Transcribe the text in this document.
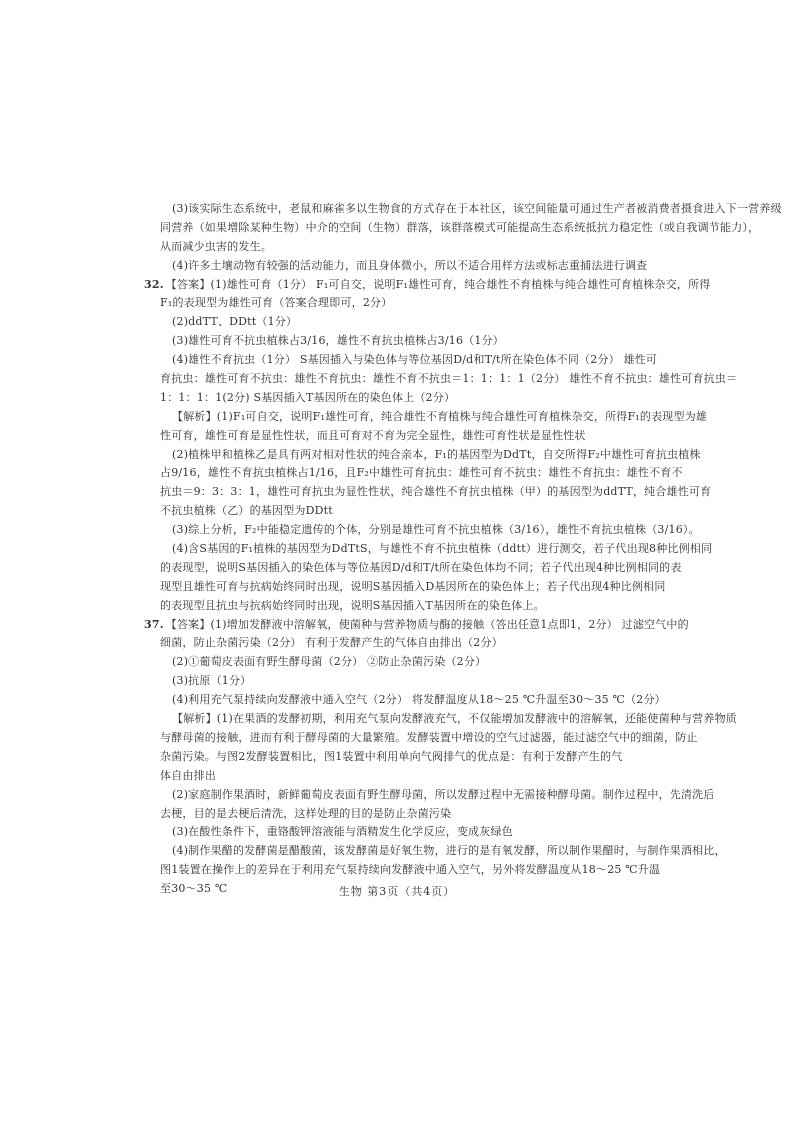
(3)该实际生态系统中，老鼠和麻雀多以生物食的方式存在于本社区，该空间能量可通过生产者被消费者摄食进入下一营养级
同营养（如果增除某种生物）中介的空间（生物）群落，该群落模式可能提高生态系统抵抗力稳定性（或自我调节能力），
从而减少虫害的发生。
(4)许多土壤动物有较强的活动能力，而且身体微小，所以不适合用样方法或标志重捕法进行调查
32. 【答案】(1)雄性可育（1分） F₁可自交，说明F₁雄性可育，纯合雄性不育植株与纯合雄性可育植株杂交，所得
F₁的表现型为雄性可育（答案合理即可，2分）
(2)ddTT、DDtt（1分）
(3)雄性可育不抗虫植株占3/16，雄性不育抗虫植株占3/16（1分）
(4)雄性不育抗虫（1分） S基因插入与染色体与等位基因D/d和T/t所在染色体不同（2分） 雄性可
育抗虫：雄性可育不抗虫：雄性不育抗虫：雄性不育不抗虫＝1：1：1：1（2分） 雄性不育不抗虫：雄性可育抗虫＝
1：1：1：1(2分) S基因插入T基因所在的染色体上（2分）
【解析】(1)F₁可自交，说明F₁雄性可育，纯合雄性不育植株与纯合雄性可育植株杂交，所得F₁的表现型为雄
性可育，雄性可育是显性性状，而且可育对不育为完全显性，雄性可育性状是显性性状
(2)植株甲和植株乙是具有两对相对性状的纯合亲本，F₁的基因型为DdTt，自交所得F₂中雄性可育抗虫植株
占9/16，雄性不育抗虫植株占1/16，且F₂中雄性可育抗虫：雄性可育不抗虫：雄性不育抗虫：雄性不育不
抗虫＝9：3：3：1，雄性可育抗虫为显性性状，纯合雄性不育抗虫植株（甲）的基因型为ddTT，纯合雄性可育
不抗虫植株（乙）的基因型为DDtt
(3)综上分析，F₂中能稳定遗传的个体，分别是雄性可育不抗虫植株（3/16），雄性不育抗虫植株（3/16）。
(4)含S基因的F₁植株的基因型为DdTtS，与雄性不育不抗虫植株（ddtt）进行测交，若子代出现8种比例相同
的表现型，说明S基因插入的染色体与等位基因D/d和T/t所在染色体均不同；若子代出现4种比例相同的表
现型且雄性可育与抗病始终同时出现，说明S基因插入D基因所在的染色体上；若子代出现4种比例相同
的表现型且抗虫与抗病始终同时出现，说明S基因插入T基因所在的染色体上。
37. 【答案】(1)增加发酵液中溶解氧，使菌种与营养物质与酶的接触（答出任意1点即1，2分） 过滤空气中的
细菌，防止杂菌污染（2分） 有利于发酵产生的气体自由排出（2分）
(2)①葡萄皮表面有野生酵母菌（2分） ②防止杂菌污染（2分）
(3)抗原（1分）
(4)利用充气泵持续向发酵液中通入空气（2分） 将发酵温度从18～25 ℃升温至30～35 ℃（2分）
【解析】(1)在果酒的发酵初期，利用充气泵向发酵液充气，不仅能增加发酵液中的溶解氧，还能使菌种与营养物质
与酵母菌的接触，进而有利于酵母菌的大量繁殖。发酵装置中增设的空气过滤器，能过滤空气中的细菌，防止
杂菌污染。与图2发酵装置相比，图1装置中利用单向气阀排气的优点是：有利于发酵产生的气
体自由排出
(2)家庭制作果酒时，新鲜葡萄皮表面有野生酵母菌，所以发酵过程中无需接种酵母菌。制作过程中，先清洗后
去梗，目的是去梗后清洗，这样处理的目的是防止杂菌污染
(3)在酸性条件下，重铬酸钾溶液能与酒精发生化学反应，变成灰绿色
(4)制作果醋的发酵菌是醋酸菌，该发酵菌是好氧生物，进行的是有氧发酵，所以制作果醋时，与制作果酒相比，
图1装置在操作上的差异在于利用充气泵持续向发酵液中通入空气，另外将发酵温度从18～25 ℃升温
至30～35 ℃	生物 第3页（共4页）
